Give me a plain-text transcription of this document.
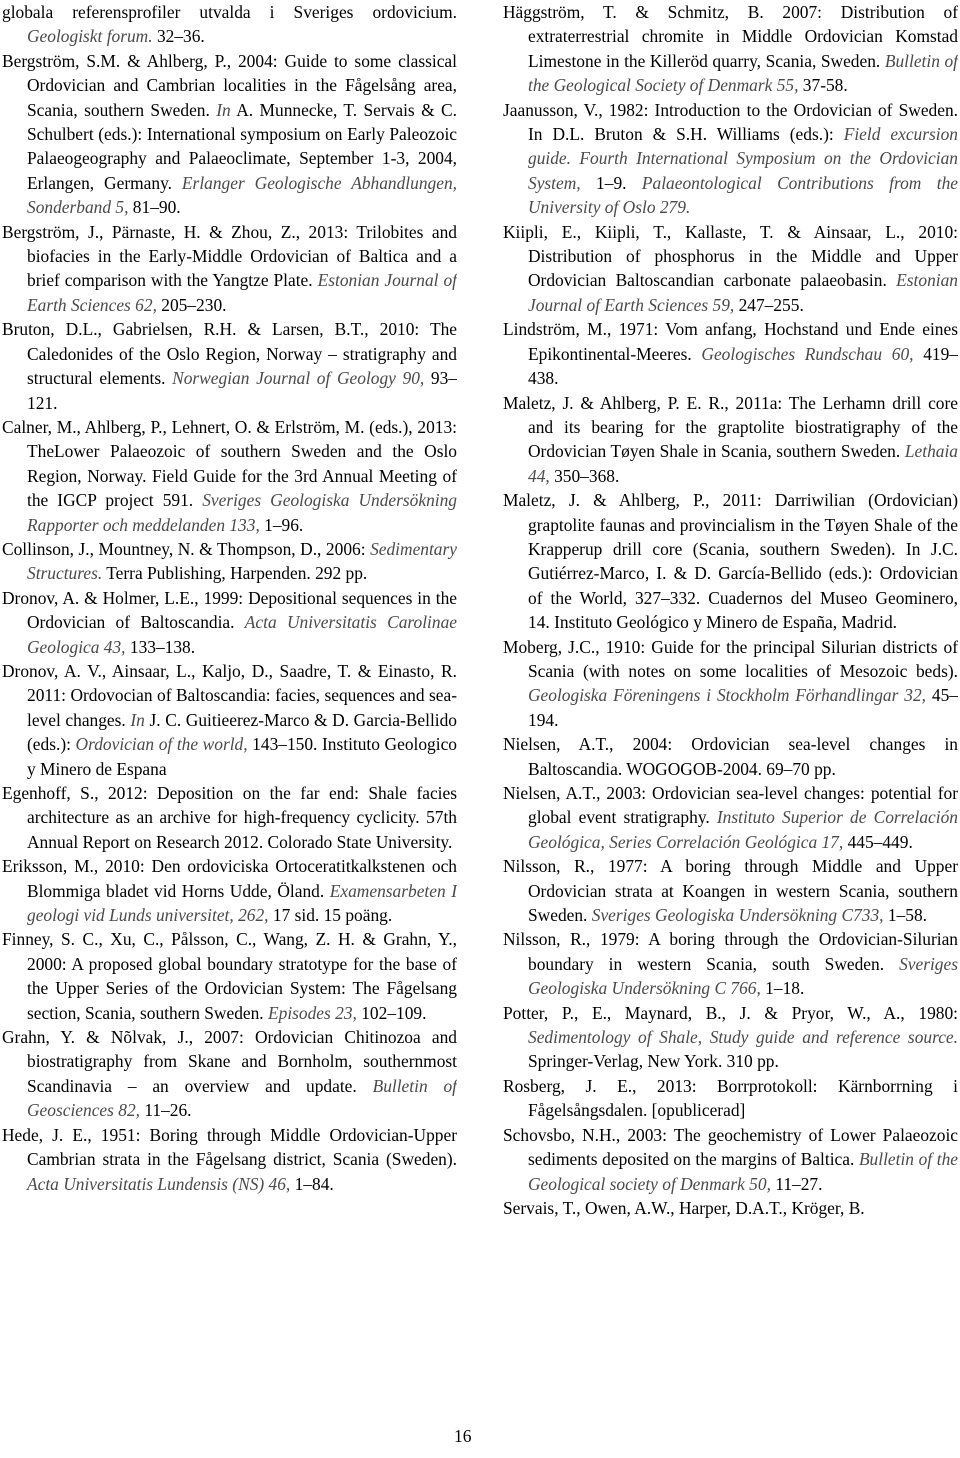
globala referensprofiler utvalda i Sveriges ordovicium. Geologiskt forum. 32–36.

Bergström, S.M. & Ahlberg, P., 2004: Guide to some classical Ordovician and Cambrian localities in the Fågelsång area, Scania, southern Sweden. In A. Munnecke, T. Servais & C. Schulbert (eds.): International symposium on Early Paleozoic Palaeogeography and Palaeoclimate, September 1-3, 2004, Erlangen, Germany. Erlanger Geologische Abhandlungen, Sonderband 5, 81–90.

Bergström, J., Pärnaste, H. & Zhou, Z., 2013: Trilobites and biofacies in the Early-Middle Ordovician of Baltica and a brief comparison with the Yangtze Plate. Estonian Journal of Earth Sciences 62, 205–230.

Bruton, D.L., Gabrielsen, R.H. & Larsen, B.T., 2010: The Caledonides of the Oslo Region, Norway – stratigraphy and structural elements. Norwegian Journal of Geology 90, 93–121.

Calner, M., Ahlberg, P., Lehnert, O. & Erlström, M. (eds.), 2013: TheLower Palaeozoic of southern Sweden and the Oslo Region, Norway. Field Guide for the 3rd Annual Meeting of the IGCP project 591. Sveriges Geologiska Undersökning Rapporter och meddelanden 133, 1–96.

Collinson, J., Mountney, N. & Thompson, D., 2006: Sedimentary Structures. Terra Publishing, Harpenden. 292 pp.

Dronov, A. & Holmer, L.E., 1999: Depositional sequences in the Ordovician of Baltoscandia. Acta Universitatis Carolinae Geologica 43, 133–138.

Dronov, A. V., Ainsaar, L., Kaljo, D., Saadre, T. & Einasto, R. 2011: Ordovocian of Baltoscandia: facies, sequences and sea-level changes. In J. C. Guitieerez-Marco & D. Garcia-Bellido (eds.): Ordovician of the world, 143–150. Instituto Geologico y Minero de Espana

Egenhoff, S., 2012: Deposition on the far end: Shale facies architecture as an archive for high-frequency cyclicity. 57th Annual Report on Research 2012. Colorado State University.

Eriksson, M., 2010: Den ordoviciska Ortoceratitkalkstenen och Blommiga bladet vid Horns Udde, Öland. Examensarbeten I geologi vid Lunds universitet, 262, 17 sid. 15 poäng.

Finney, S. C., Xu, C., Pålsson, C., Wang, Z. H. & Grahn, Y., 2000: A proposed global boundary stratotype for the base of the Upper Series of the Ordovician System: The Fågelsang section, Scania, southern Sweden. Episodes 23, 102–109.

Grahn, Y. & Nõlvak, J., 2007: Ordovician Chitinozoa and biostratigraphy from Skane and Bornholm, southernmost Scandinavia – an overview and update. Bulletin of Geosciences 82, 11–26.

Hede, J. E., 1951: Boring through Middle Ordovician-Upper Cambrian strata in the Fågelsang district, Scania (Sweden). Acta Universitatis Lundensis (NS) 46, 1–84.

Häggström, T. & Schmitz, B. 2007: Distribution of extraterrestrial chromite in Middle Ordovician Komstad Limestone in the Killeröd quarry, Scania, Sweden. Bulletin of the Geological Society of Denmark 55, 37-58.

Jaanusson, V., 1982: Introduction to the Ordovician of Sweden. In D.L. Bruton & S.H. Williams (eds.): Field excursion guide. Fourth International Symposium on the Ordovician System, 1–9. Palaeontological Contributions from the University of Oslo 279.

Kiipli, E., Kiipli, T., Kallaste, T. & Ainsaar, L., 2010: Distribution of phosphorus in the Middle and Upper Ordovician Baltoscandian carbonate palaeobasin. Estonian Journal of Earth Sciences 59, 247–255.

Lindström, M., 1971: Vom anfang, Hochstand und Ende eines Epikontinental-Meeres. Geologisches Rundschau 60, 419–438.

Maletz, J. & Ahlberg, P. E. R., 2011a: The Lerhamn drill core and its bearing for the graptolite biostratigraphy of the Ordovician Tøyen Shale in Scania, southern Sweden. Lethaia 44, 350–368.

Maletz, J. & Ahlberg, P., 2011: Darriwilian (Ordovician) graptolite faunas and provincialism in the Tøyen Shale of the Krapperup drill core (Scania, southern Sweden). In J.C. Gutiérrez-Marco, I. & D. García-Bellido (eds.): Ordovician of the World, 327–332. Cuadernos del Museo Geominero, 14. Instituto Geológico y Minero de España, Madrid.

Moberg, J.C., 1910: Guide for the principal Silurian districts of Scania (with notes on some localities of Mesozoic beds). Geologiska Föreningens i Stockholm Förhandlingar 32, 45–194.

Nielsen, A.T., 2004: Ordovician sea-level changes in Baltoscandia. WOGOGOB-2004. 69–70 pp.

Nielsen, A.T., 2003: Ordovician sea-level changes: potential for global event stratigraphy. Instituto Superior de Correlación Geológica, Series Correlación Geológica 17, 445–449.

Nilsson, R., 1977: A boring through Middle and Upper Ordovician strata at Koangen in western Scania, southern Sweden. Sveriges Geologiska Undersökning C733, 1–58.

Nilsson, R., 1979: A boring through the Ordovician-Silurian boundary in western Scania, south Sweden. Sveriges Geologiska Undersökning C 766, 1–18.

Potter, P., E., Maynard, B., J. & Pryor, W., A., 1980: Sedimentology of Shale, Study guide and reference source. Springer-Verlag, New York. 310 pp.

Rosberg, J. E., 2013: Borrprotokoll: Kärnborrning i Fågelsångsdalen. [opublicerad]

Schovsbo, N.H., 2003: The geochemistry of Lower Palaeozoic sediments deposited on the margins of Baltica. Bulletin of the Geological society of Denmark 50, 11–27.

Servais, T., Owen, A.W., Harper, D.A.T., Kröger, B.

16
